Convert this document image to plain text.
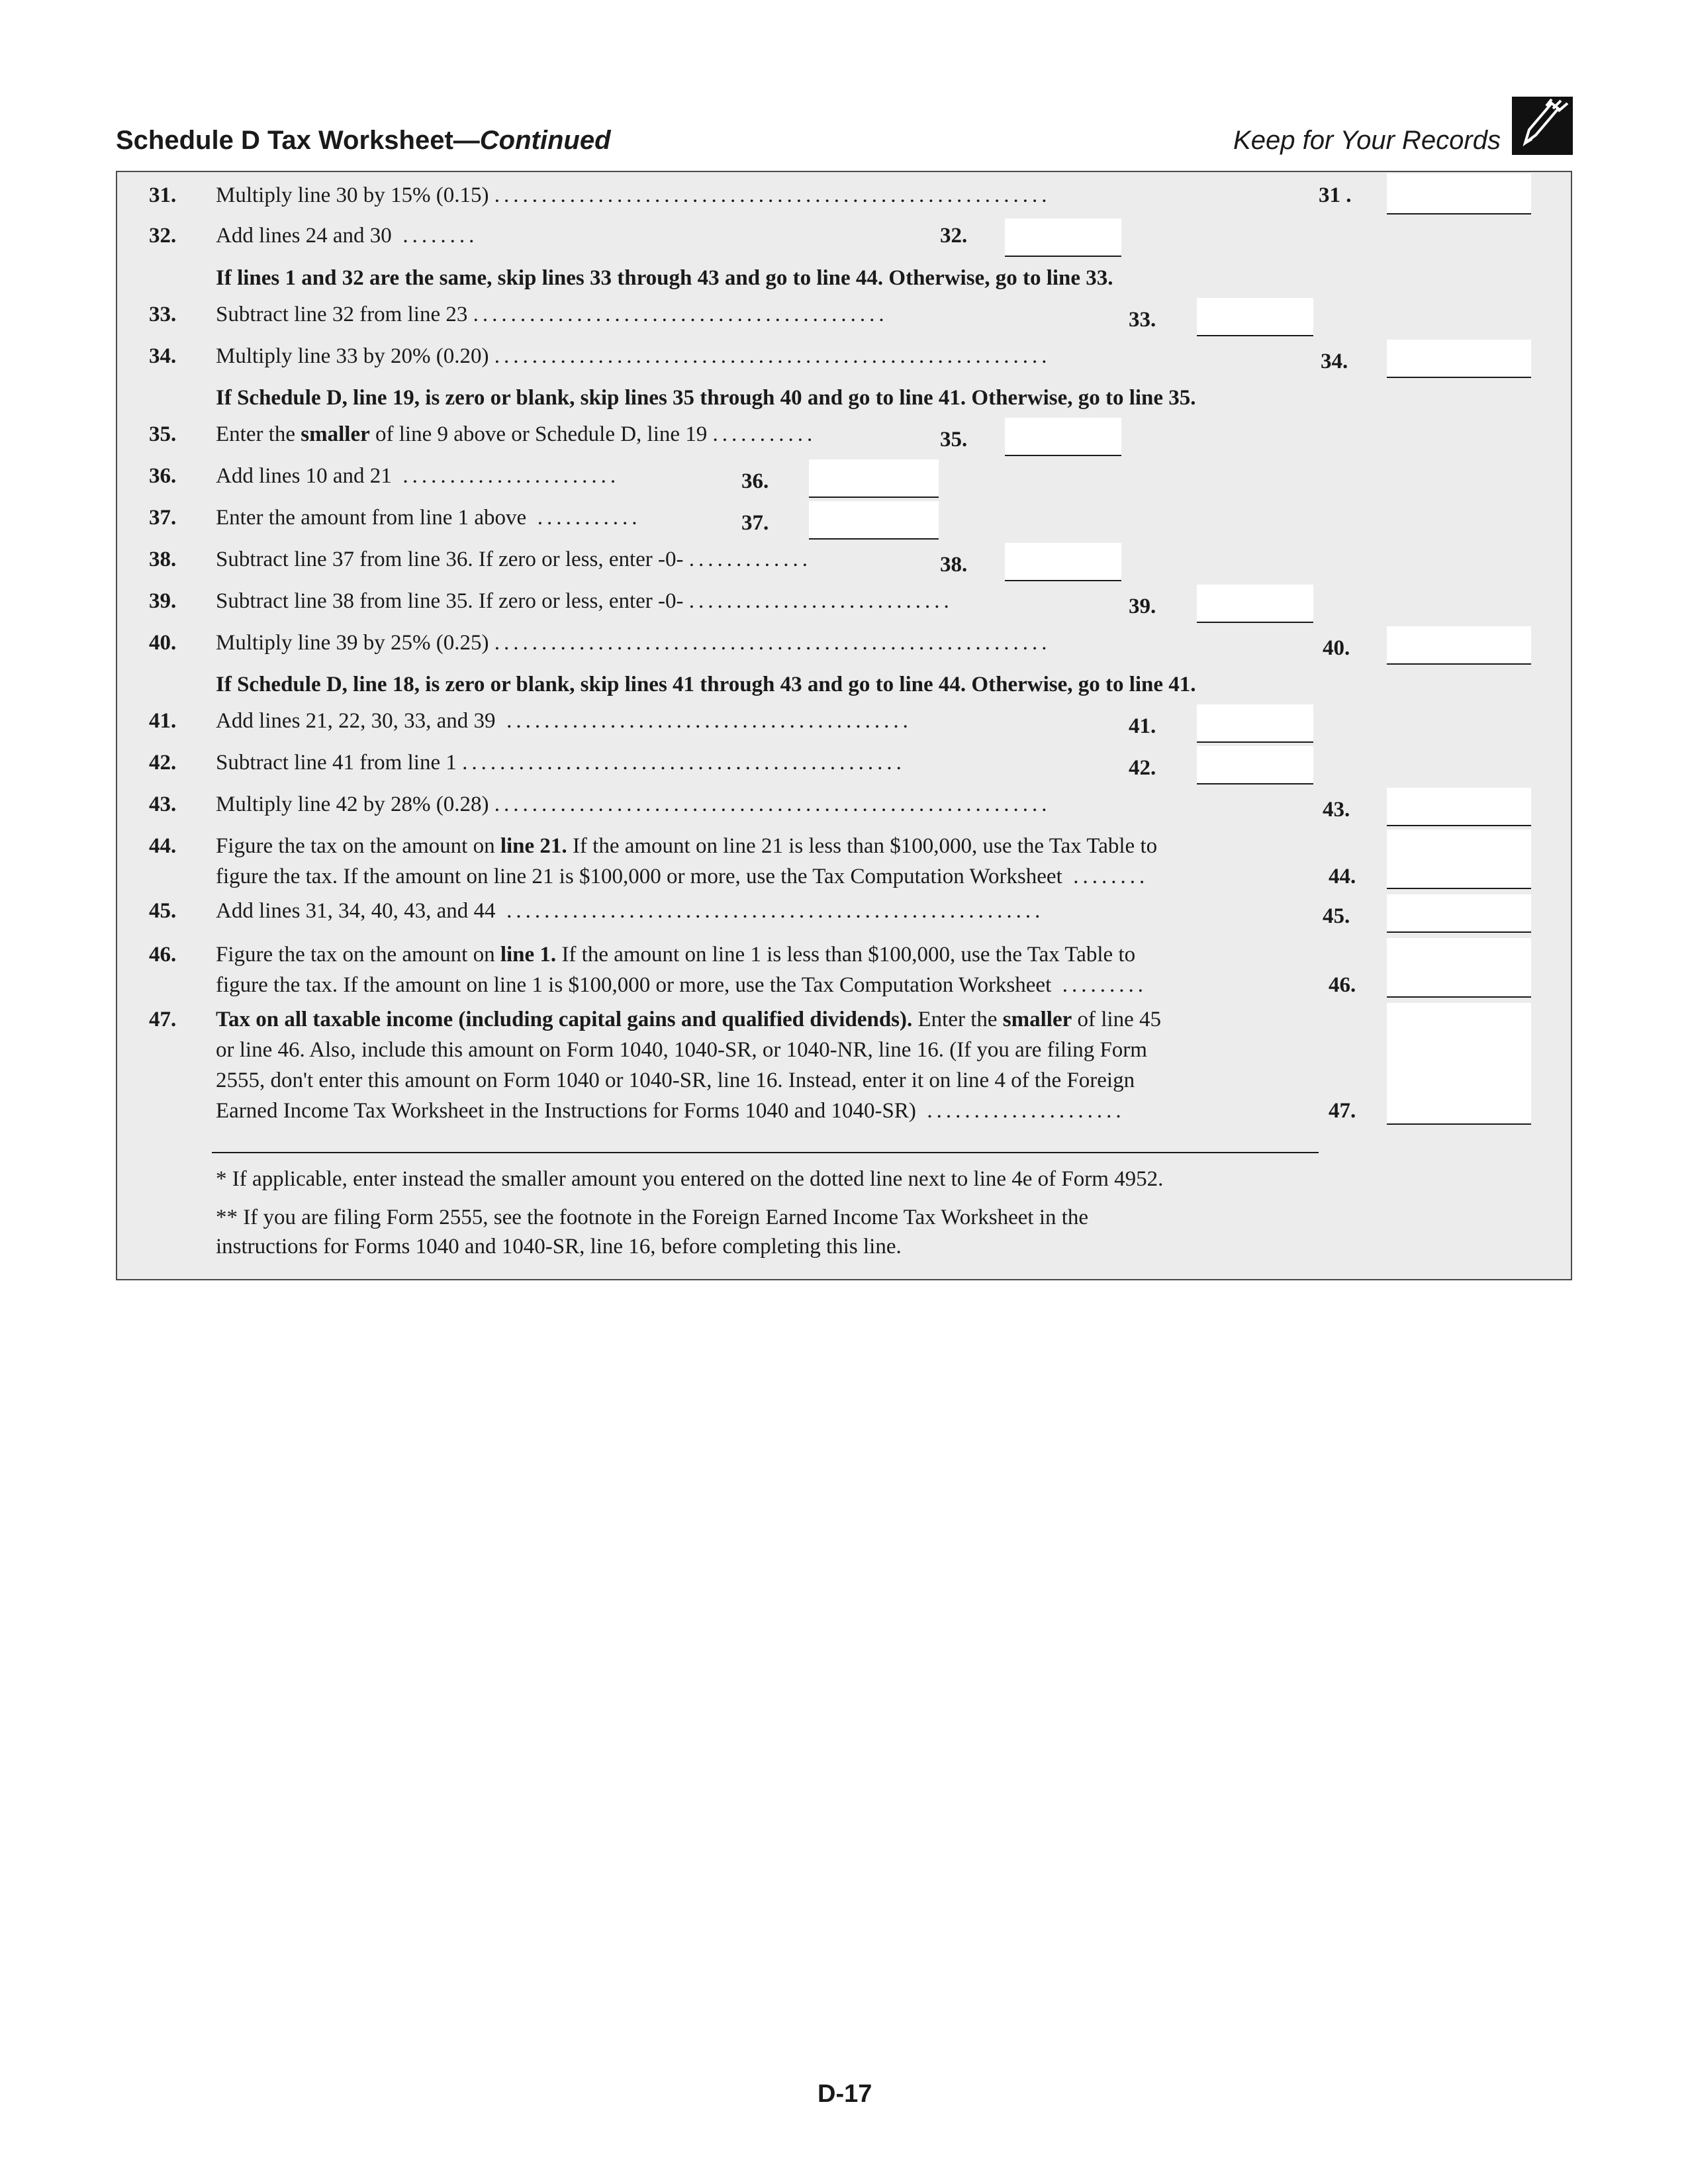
Schedule D Tax Worksheet—Continued	Keep for Your Records
31. Multiply line 30 by 15% (0.15) ...........................................................	31 .
32. Add lines 24 and 30 ........	32.
If lines 1 and 32 are the same, skip lines 33 through 43 and go to line 44. Otherwise, go to line 33.
33. Subtract line 32 from line 23 ............................................	33.
34. Multiply line 33 by 20% (0.20) ...........................................................	34.
If Schedule D, line 19, is zero or blank, skip lines 35 through 40 and go to line 41. Otherwise, go to line 35.
35. Enter the smaller of line 9 above or Schedule D, line 19 ...........	35.
36. Add lines 10 and 21 .......................	36.
37. Enter the amount from line 1 above ...........	37.
38. Subtract line 37 from line 36. If zero or less, enter -0- .............	38.
39. Subtract line 38 from line 35. If zero or less, enter -0- ............................	39.
40. Multiply line 39 by 25% (0.25) ...........................................................	40.
If Schedule D, line 18, is zero or blank, skip lines 41 through 43 and go to line 44. Otherwise, go to line 41.
41. Add lines 21, 22, 30, 33, and 39 ...........................................	41.
42. Subtract line 41 from line 1 ...............................................	42.
43. Multiply line 42 by 28% (0.28) ...........................................................	43.
44. Figure the tax on the amount on line 21. If the amount on line 21 is less than $100,000, use the Tax Table to
figure the tax. If the amount on line 21 is $100,000 or more, use the Tax Computation Worksheet ........	44.
45. Add lines 31, 34, 40, 43, and 44 .........................................................	45.
46. Figure the tax on the amount on line 1. If the amount on line 1 is less than $100,000, use the Tax Table to
figure the tax. If the amount on line 1 is $100,000 or more, use the Tax Computation Worksheet .........	46.
47. Tax on all taxable income (including capital gains and qualified dividends). Enter the smaller of line 45
or line 46. Also, include this amount on Form 1040, 1040-SR, or 1040-NR, line 16. (If you are filing Form
2555, don't enter this amount on Form 1040 or 1040-SR, line 16. Instead, enter it on line 4 of the Foreign
Earned Income Tax Worksheet in the Instructions for Forms 1040 and 1040-SR) .....................	47.
* If applicable, enter instead the smaller amount you entered on the dotted line next to line 4e of Form 4952.
** If you are filing Form 2555, see the footnote in the Foreign Earned Income Tax Worksheet in the
instructions for Forms 1040 and 1040-SR, line 16, before completing this line.
D-17
